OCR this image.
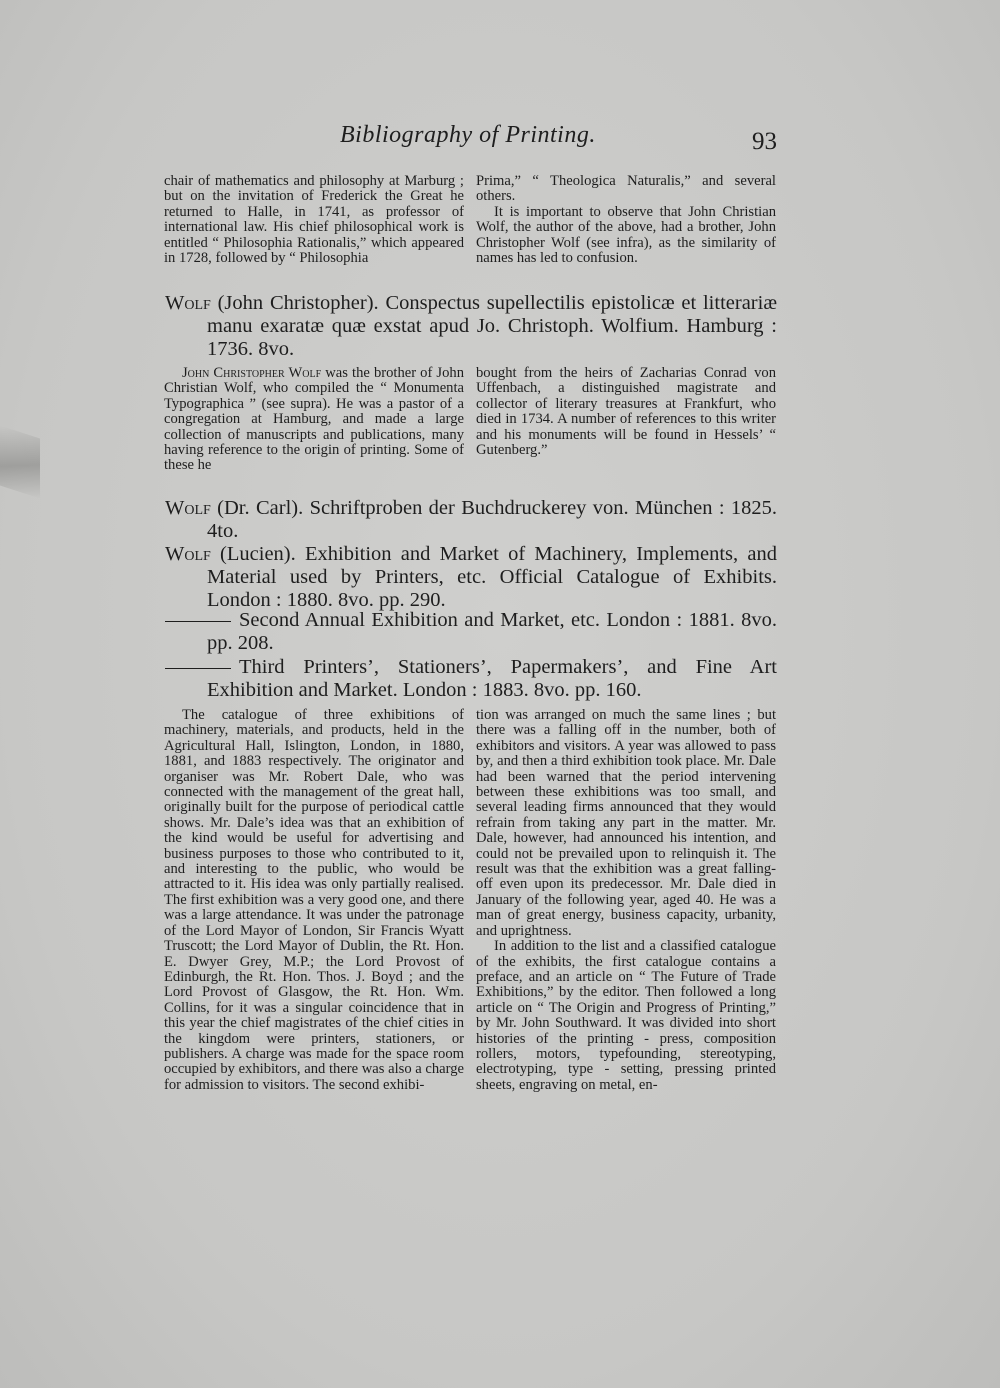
Bibliography of Printing.	93

chair of mathematics and philosophy at Marburg ; but on the invitation of Frederick the Great he returned to Halle, in 1741, as professor of international law. His chief philosophical work is entitled “ Philosophia Rationalis,” which appeared in 1728, followed by “ Philosophia

Prima,” “ Theologica Naturalis,” and several others.

It is important to observe that John Christian Wolf, the author of the above, had a brother, John Christopher Wolf (see infra), as the similarity of names has led to confusion.

Wolf (John Christopher). Conspectus supellectilis epistolicæ et litterariæ manu exaratæ quæ exstat apud Jo. Christoph. Wolfium. Hamburg : 1736. 8vo.

John Christopher Wolf was the brother of John Christian Wolf, who compiled the “ Monumenta Typographica ” (see supra). He was a pastor of a congregation at Hamburg, and made a large collection of manuscripts and publications, many having reference to the origin of printing. Some of these he

bought from the heirs of Zacharias Conrad von Uffenbach, a distinguished magistrate and collector of literary treasures at Frankfurt, who died in 1734. A number of references to this writer and his monuments will be found in Hessels’ “ Gutenberg.”

Wolf (Dr. Carl). Schriftproben der Buchdruckerey von. München : 1825. 4to.
Wolf (Lucien). Exhibition and Market of Machinery, Implements, and Material used by Printers, etc. Official Catalogue of Exhibits. London : 1880. 8vo. pp. 290.
Second Annual Exhibition and Market, etc. London : 1881. 8vo. pp. 208.
Third Printers’, Stationers’, Papermakers’, and Fine Art Exhibition and Market. London : 1883. 8vo. pp. 160.

The catalogue of three exhibitions of machinery, materials, and products, held in the Agricultural Hall, Islington, London, in 1880, 1881, and 1883 respectively. The originator and organiser was Mr. Robert Dale, who was connected with the management of the great hall, originally built for the purpose of periodical cattle shows. Mr. Dale’s idea was that an exhibition of the kind would be useful for advertising and business purposes to those who contributed to it, and interesting to the public, who would be attracted to it. His idea was only partially realised. The first exhibition was a very good one, and there was a large attendance. It was under the patronage of the Lord Mayor of London, Sir Francis Wyatt Truscott; the Lord Mayor of Dublin, the Rt. Hon. E. Dwyer Grey, M.P.; the Lord Provost of Edinburgh, the Rt. Hon. Thos. J. Boyd ; and the Lord Provost of Glasgow, the Rt. Hon. Wm. Collins, for it was a singular coincidence that in this year the chief magistrates of the chief cities in the kingdom were printers, stationers, or publishers. A charge was made for the space room occupied by exhibitors, and there was also a charge for admission to visitors. The second exhibi-

tion was arranged on much the same lines ; but there was a falling off in the number, both of exhibitors and visitors. A year was allowed to pass by, and then a third exhibition took place. Mr. Dale had been warned that the period intervening between these exhibitions was too small, and several leading firms announced that they would refrain from taking any part in the matter. Mr. Dale, however, had announced his intention, and could not be prevailed upon to relinquish it. The result was that the exhibition was a great falling-off even upon its predecessor. Mr. Dale died in January of the following year, aged 40. He was a man of great energy, business capacity, urbanity, and uprightness.

In addition to the list and a classified catalogue of the exhibits, the first catalogue contains a preface, and an article on “ The Future of Trade Exhibitions,” by the editor. Then followed a long article on “ The Origin and Progress of Printing,” by Mr. John Southward. It was divided into short histories of the printing - press, composition rollers, motors, typefounding, stereotyping, electrotyping, type - setting, pressing printed sheets, engraving on metal, en-
